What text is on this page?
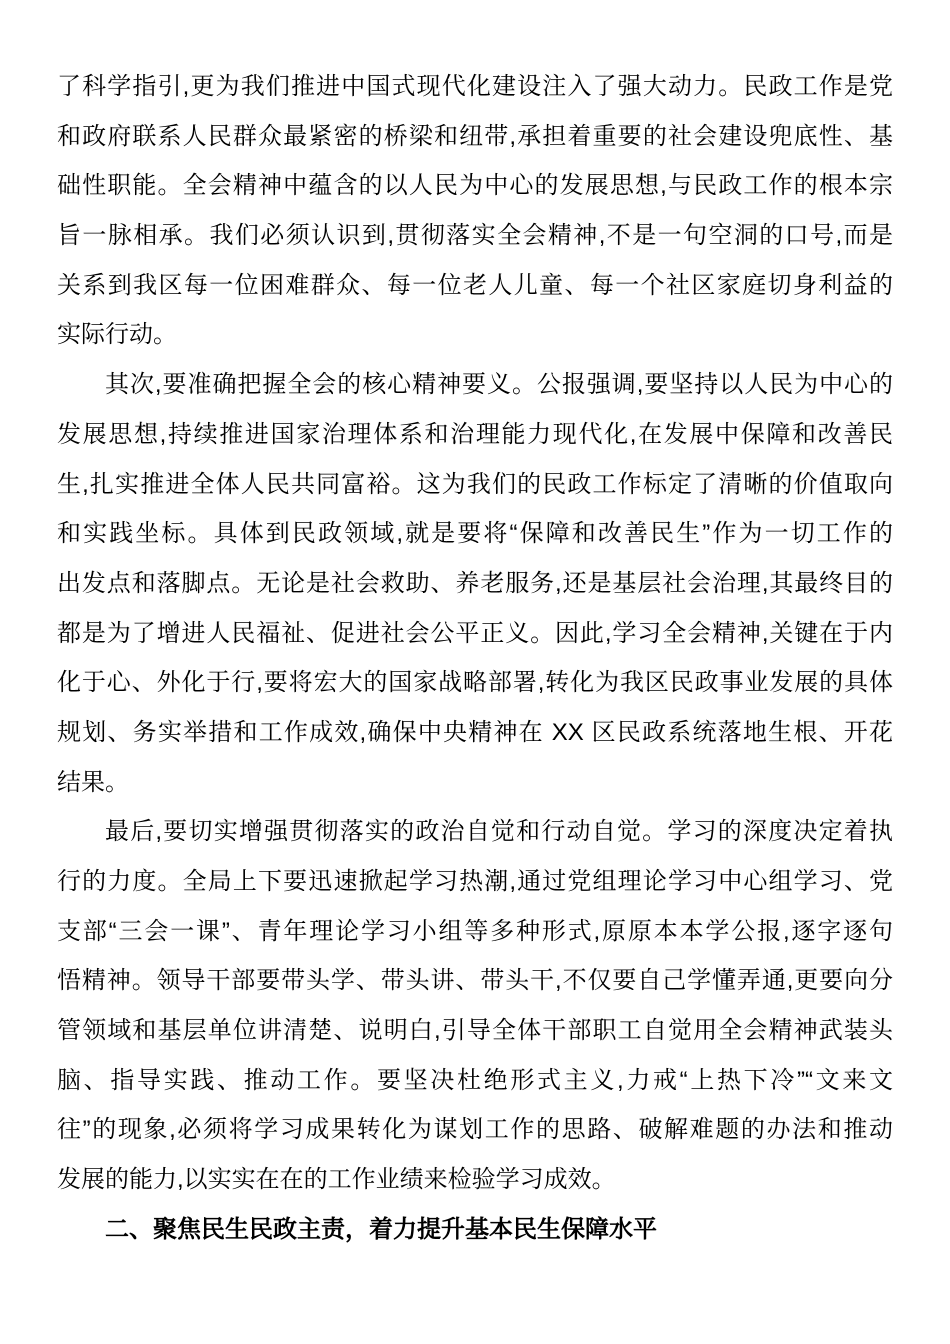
了科学指引,更为我们推进中国式现代化建设注入了强大动力。民政工作是党
和政府联系人民群众最紧密的桥梁和纽带,承担着重要的社会建设兜底性、基
础性职能。全会精神中蕴含的以人民为中心的发展思想,与民政工作的根本宗
旨一脉相承。我们必须认识到,贯彻落实全会精神,不是一句空洞的口号,而是
关系到我区每一位困难群众、每一位老人儿童、每一个社区家庭切身利益的
实际行动。
其次,要准确把握全会的核心精神要义。公报强调,要坚持以人民为中心的
发展思想,持续推进国家治理体系和治理能力现代化,在发展中保障和改善民
生,扎实推进全体人民共同富裕。这为我们的民政工作标定了清晰的价值取向
和实践坐标。具体到民政领域,就是要将“保障和改善民生”作为一切工作的
出发点和落脚点。无论是社会救助、养老服务,还是基层社会治理,其最终目的
都是为了增进人民福祉、促进社会公平正义。因此,学习全会精神,关键在于内
化于心、外化于行,要将宏大的国家战略部署,转化为我区民政事业发展的具体
规划、务实举措和工作成效,确保中央精神在 XX 区民政系统落地生根、开花
结果。
最后,要切实增强贯彻落实的政治自觉和行动自觉。学习的深度决定着执
行的力度。全局上下要迅速掀起学习热潮,通过党组理论学习中心组学习、党
支部“三会一课”、青年理论学习小组等多种形式,原原本本学公报,逐字逐句
悟精神。领导干部要带头学、带头讲、带头干,不仅要自己学懂弄通,更要向分
管领域和基层单位讲清楚、说明白,引导全体干部职工自觉用全会精神武装头
脑、指导实践、推动工作。要坚决杜绝形式主义,力戒“上热下冷”“文来文
往”的现象,必须将学习成果转化为谋划工作的思路、破解难题的办法和推动
发展的能力,以实实在在的工作业绩来检验学习成效。
二、聚焦民生民政主责，着力提升基本民生保障水平
